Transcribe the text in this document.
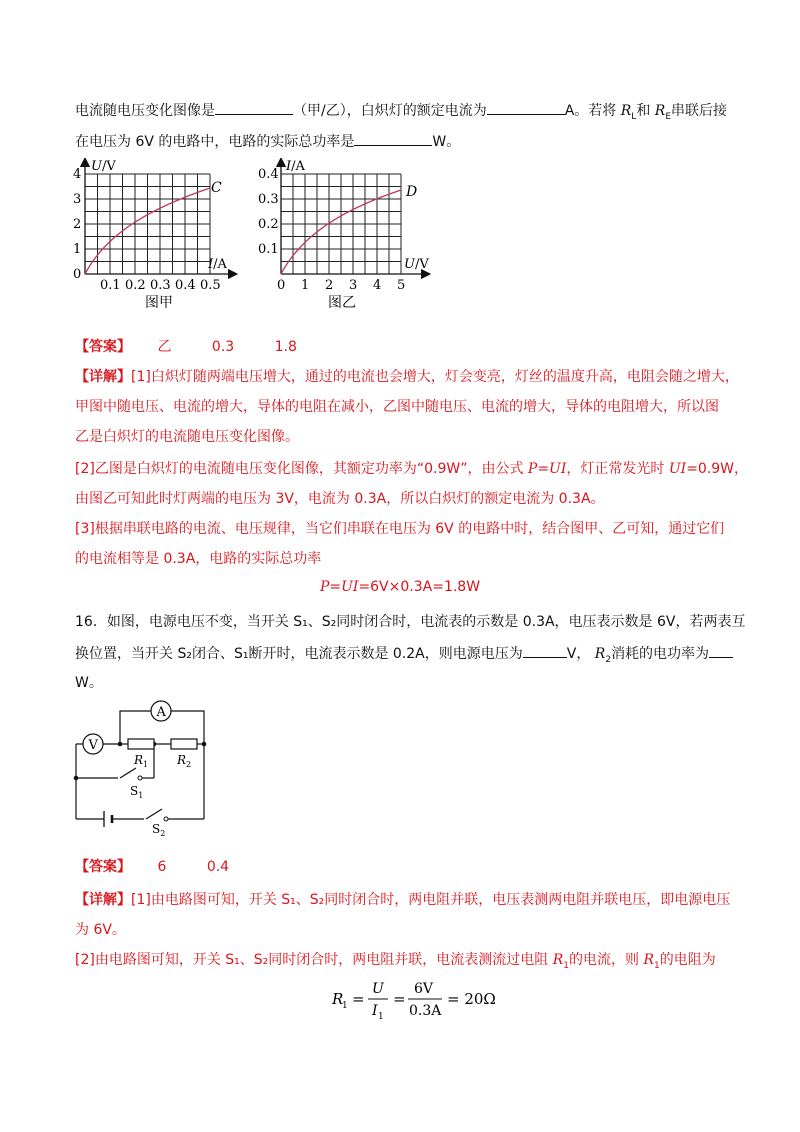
电流随电压变化图像是	（甲/乙），白炽灯的额定电流为	A。若将 $R_L$和 $R_E$串联后接
在电压为 6V 的电路中，电路的实际总功率是	W。
C
U/V
I/A
0
1
2
3
4
0.1 0.2 0.3 0.4 0.5
图甲
D
I/A
U/V
0.1
0.2
0.3
0.4
0 1 2 3 4 5
图乙
【答案】 乙	0.3	1.8
【详解】[1]白炽灯随两端电压增大，通过的电流也会增大，灯会变亮，灯丝的温度升高，电阻会随之增大，
甲图中随电压、电流的增大，导体的电阻在减小，乙图中随电压、电流的增大，导体的电阻增大，所以图
乙是白炽灯的电流随电压变化图像。
[2]乙图是白炽灯的电流随电压变化图像，其额定功率为“0.9W”，由公式 P=UI，灯正常发光时 UI=0.9W，
由图乙可知此时灯两端的电压为 3V，电流为 0.3A，所以白炽灯的额定电流为 0.3A。
[3]根据串联电路的电流、电压规律，当它们串联在电压为 6V 的电路中时，结合图甲、乙可知，通过它们
的电流相等是 0.3A，电路的实际总功率
P=UI=6V×0.3A=1.8W
16．如图，电源电压不变，当开关 S₁、S₂同时闭合时，电流表的示数是 0.3A，电压表示数是 6V，若两表互
换位置，当开关 S₂闭合、S₁断开时，电流表示数是 0.2A，则电源电压为	V， $R_2$消耗的电功率为
W。
A
V
$R_1$ $R_2$
$S_1$
$S_2$
【答案】 6	0.4
【详解】[1]由电路图可知，开关 S₁、S₂同时闭合时，两电阻并联，电压表测两电阻并联电压，即电源电压
为 6V。
[2]由电路图可知，开关 S₁、S₂同时闭合时，两电阻并联，电流表测流过电阻 $R_1$的电流，则 $R_1$的电阻为
R
1 =
U
I 1
=
6V
0.3A
= 20Ω
